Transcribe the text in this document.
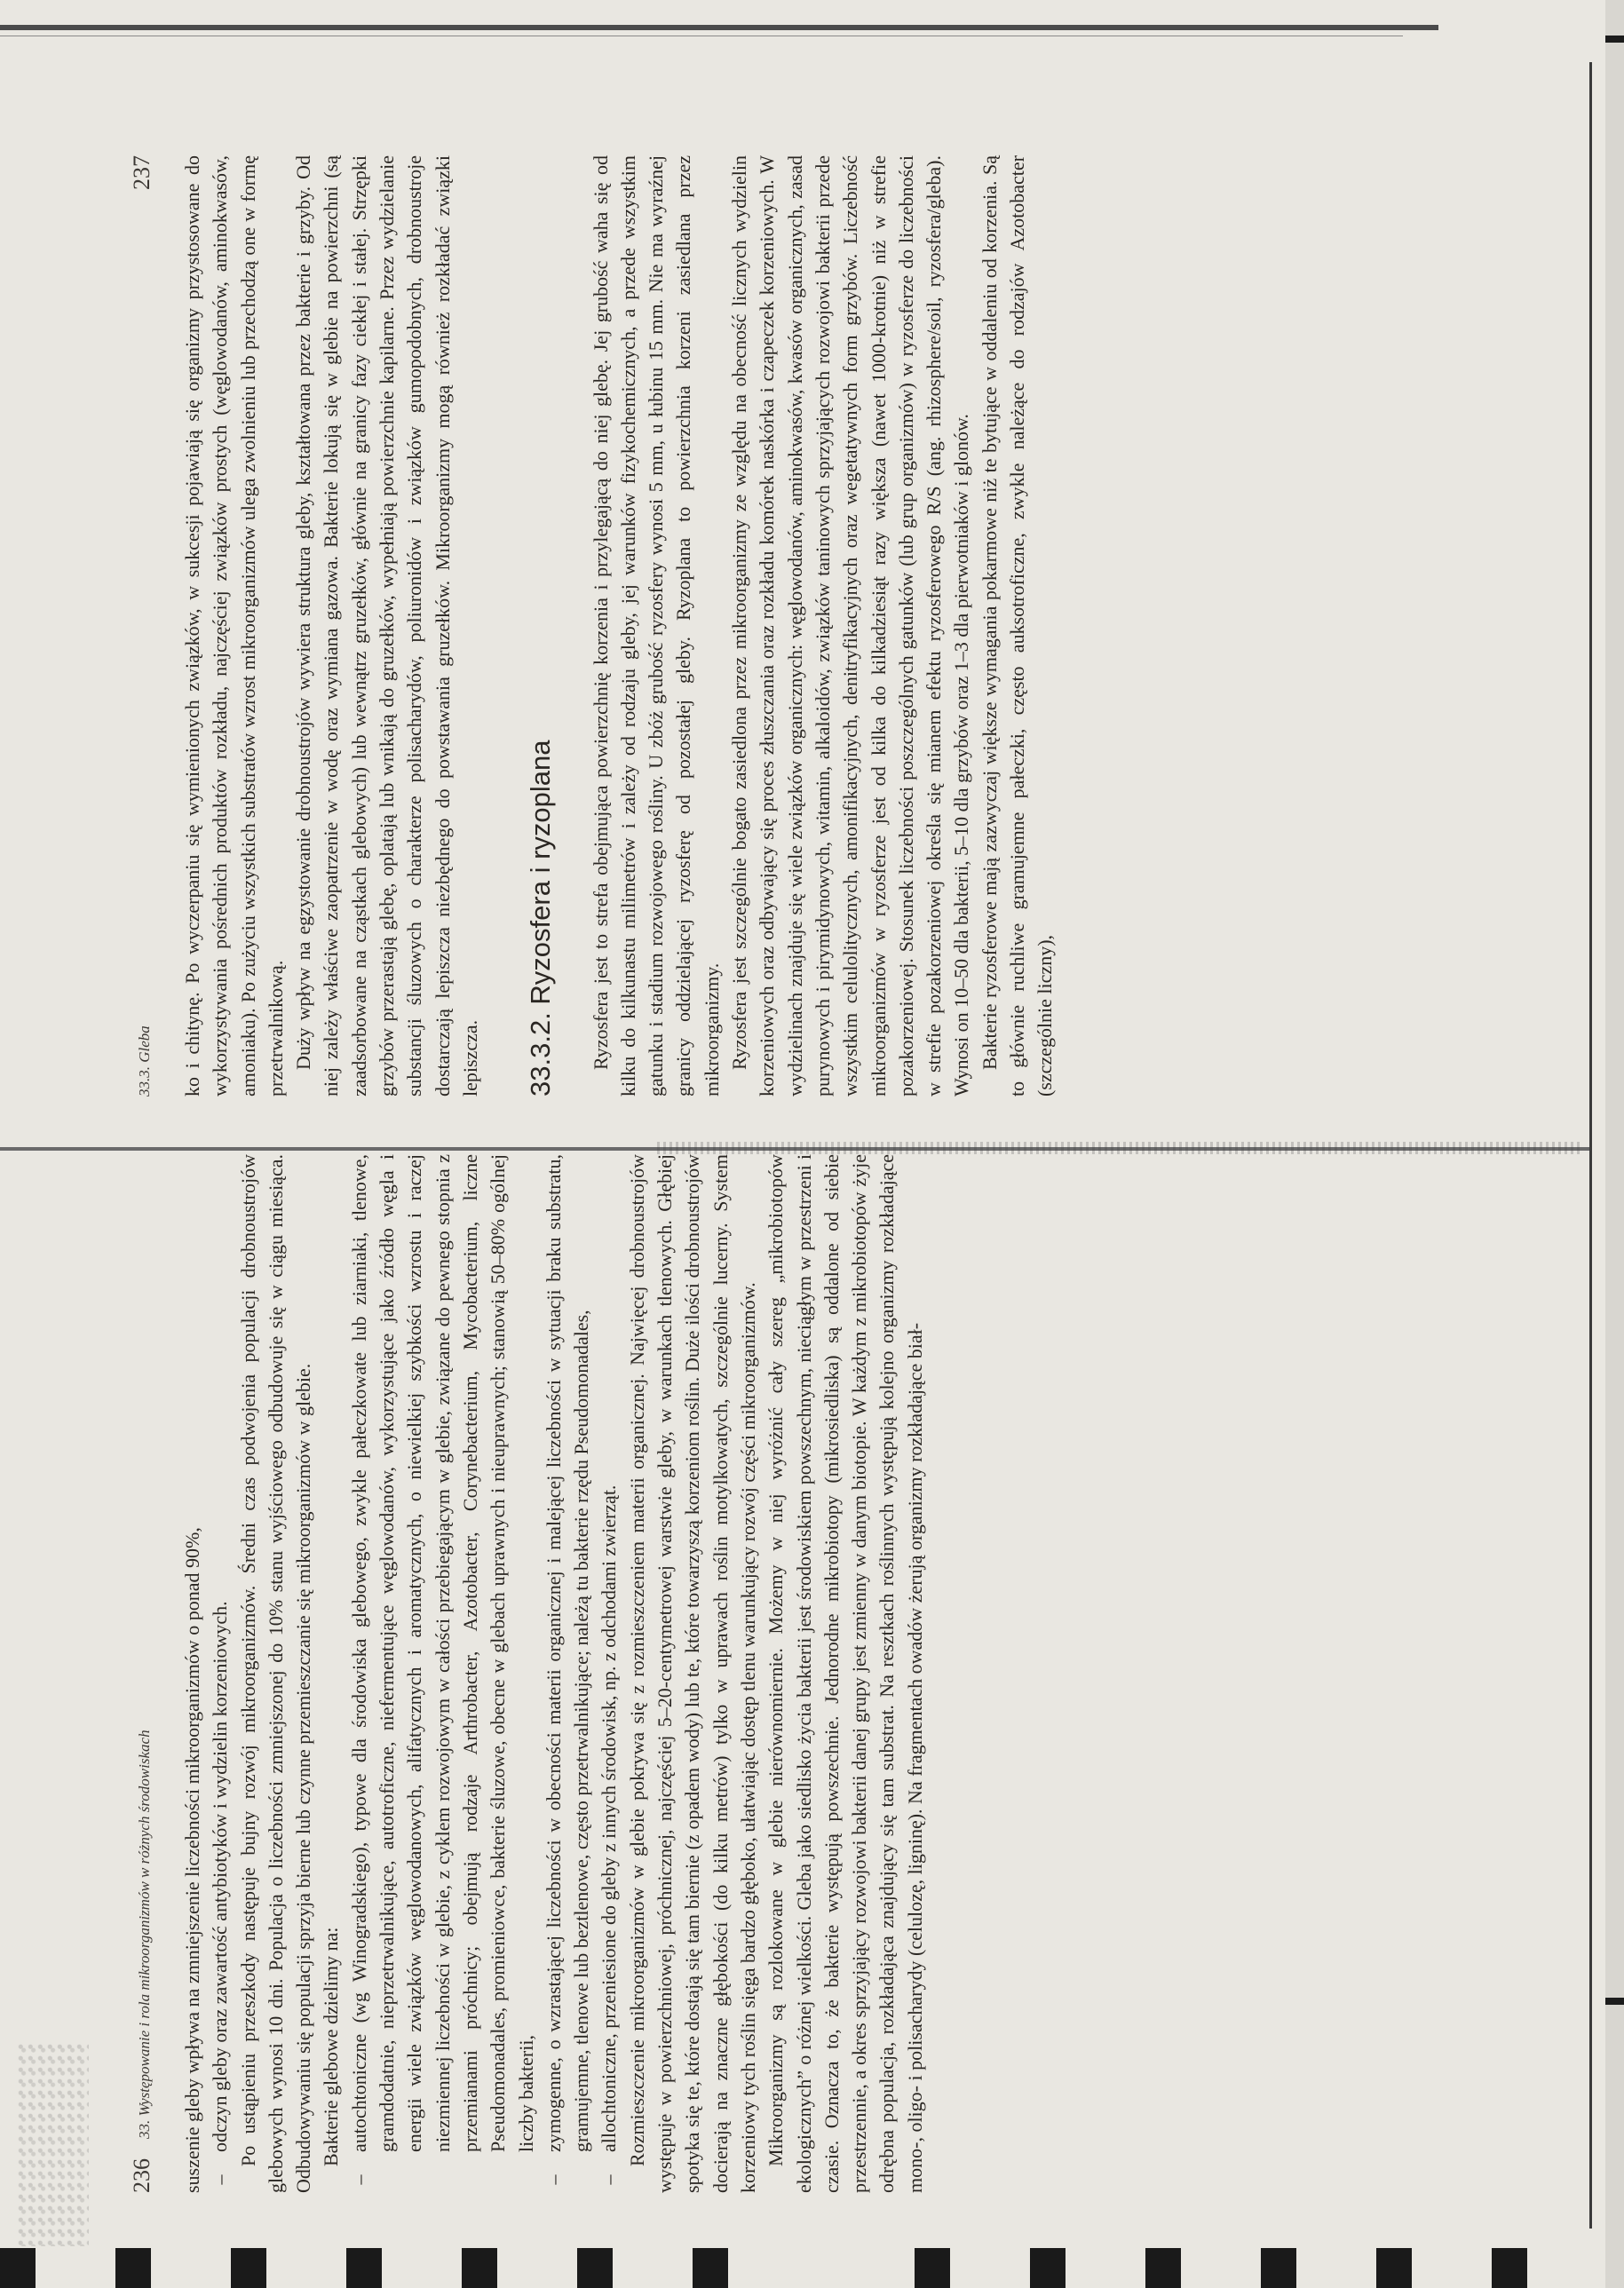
236
33. Występowanie i rola mikroorganizmów w różnych środowiskach suszenie gleby wpływa na zmniejszenie liczebności mikroorganizmów o ponad 90%, –
odczyn gleby oraz zawartość antybiotyków i wydzielin korzeniowych. Po ustąpieniu przeszkody następuje bujny rozwój mikroorganizmów. Średni czas podwojenia populacji drobnoustrojów glebowych wynosi 10 dni. Populacja o liczebności zmniejszonej do 10% stanu wyjściowego odbudowuje się w ciągu miesiąca. Odbudowywaniu się populacji sprzyja bierne lub czynne przemieszczanie się mikroorganizmów w glebie. Bakterie glebowe dzielimy na:

–
autochtoniczne (wg Winogradskiego), typowe dla środowiska glebowego, zwykle pałeczkowate lub ziarniaki, tlenowe, gramdodatnie, nieprzetrwalnikujące, autotroficzne, niefermentujące węglowodanów, wykorzystujące jako źródło węgla i energii wiele związków węglowodanowych, alifatycznych i aromatycznych, o niewielkiej szybkości wzrostu i raczej niezmiennej liczebności w glebie, z cyklem rozwojowym w całości przebiegającym w glebie, związane do pewnego stopnia z przemianami próchnicy; obejmują rodzaje Arthrobacter, Azotobacter, Corynebacterium, Mycobacterium, liczne Pseudomonadales, promieniowce, bakterie śluzowe, obecne w glebach uprawnych i nieuprawnych; stanowią 50–80% ogólnej liczby bakterii,
–
zymogenne, o wzrastającej liczebności w obecności materii organicznej i malejącej liczebności w sytuacji braku substratu, gramujemne, tlenowe lub beztlenowe, często przetrwalnikujące; należą tu bakterie rzędu Pseudomonadales,
–
allochtoniczne, przeniesione do gleby z innych środowisk, np. z odchodami zwierząt. Rozmieszczenie mikroorganizmów w glebie pokrywa się z rozmieszczeniem materii organicznej. Najwięcej drobnoustrojów występuje w powierzchniowej, próchnicznej, najczęściej 5–20-centymetrowej warstwie gleby, w warunkach tlenowych. Głębiej spotyka się te, które dostają się tam biernie (z opadem wody) lub te, które towarzyszą korzeniom roślin. Duże ilości drobnoustrojów docierają na znaczne głębokości (do kilku metrów) tylko w uprawach roślin motylkowatych, szczególnie lucerny. System korzeniowy tych roślin sięga bardzo głęboko, ułatwiając dostęp tlenu warunkujący rozwój części mikroorganizmów. Mikroorganizmy są rozlokowane w glebie nierównomiernie. Możemy w niej wyróżnić cały szereg „mikrobiotopów ekologicznych” o różnej wielkości. Gleba jako siedlisko życia bakterii jest środowiskiem powszechnym, nieciągłym w przestrzeni i czasie. Oznacza to, że bakterie występują powszechnie. Jednorodne mikrobiotopy (mikrosiedliska) są oddalone od siebie przestrzennie, a okres sprzyjający rozwojowi bakterii danej grupy jest zmienny w danym biotopie. W każdym z mikrobiotopów żyje odrębna populacja, rozkładająca znajdujący się tam substrat. Na resztkach roślinnych występują kolejno organizmy rozkładające mono-, oligo- i polisacharydy (celulozę, ligninę). Na fragmentach owadów żerują organizmy rozkładające biał-

33.3. Gleba
237 ko i chitynę. Po wyczerpaniu się wymienionych związków, w sukcesji pojawiają się organizmy przystosowane do wykorzystywania pośrednich produktów rozkładu, najczęściej związków prostych (węglowodanów, aminokwasów, amoniaku). Po zużyciu wszystkich substratów wzrost mikroorganizmów ulega zwolnieniu lub przechodzą one w formę przetrwalnikową. Duży wpływ na egzystowanie drobnoustrojów wywiera struktura gleby, kształtowana przez bakterie i grzyby. Od niej zależy właściwe zaopatrzenie w wodę oraz wymiana gazowa. Bakterie lokują się w glebie na powierzchni (są zaadsorbowane na cząstkach glebowych) lub wewnątrz gruzełków, głównie na granicy fazy ciekłej i stałej. Strzępki grzybów przerastają glebę, oplatają lub wnikają do gruzełków, wypełniają powierzchnie kapilarne. Przez wydzielanie substancji śluzowych o charakterze polisacharydów, poliuronidów i związków gumopodobnych, drobnoustroje dostarczają lepiszcza niezbędnego do powstawania gruzełków. Mikroorganizmy mogą również rozkładać związki lepiszcza. 33.3.2. Ryzosfera i ryzoplana Ryzosfera jest to strefa obejmująca powierzchnię korzenia i przylegającą do niej glebę. Jej grubość waha się od kilku do kilkunastu milimetrów i zależy od rodzaju gleby, jej warunków fizykochemicznych, a przede wszystkim gatunku i stadium rozwojowego rośliny. U zbóż grubość ryzosfery wynosi 5 mm, u łubinu 15 mm. Nie ma wyraźnej granicy oddzielającej ryzosferę od pozostałej gleby. Ryzoplana to powierzchnia korzeni zasiedlana przez mikroorganizmy. Ryzosfera jest szczególnie bogato zasiedlona przez mikroorganizmy ze względu na obecność licznych wydzielin korzeniowych oraz odbywający się proces złuszczania oraz rozkładu komórek naskórka i czapeczek korzeniowych. W wydzielinach znajduje się wiele związków organicznych: węglowodanów, aminokwasów, kwasów organicznych, zasad purynowych i pirymidynowych, witamin, alkaloidów, związków taninowych sprzyjających rozwojowi bakterii przede wszystkim celulolitycznych, amonifikacyjnych, denitryfikacyjnych oraz wegetatywnych form grzybów. Liczebność mikroorganizmów w ryzosferze jest od kilka do kilkadziesiąt razy większa (nawet 1000-krotnie) niż w strefie pozakorzeniowej. Stosunek liczebności poszczególnych gatunków (lub grup organizmów) w ryzosferze do liczebności w strefie pozakorzeniowej określa się mianem efektu ryzosferowego R/S (ang. rhizosphere/soil, ryzosfera/gleba). Wynosi on 10–50 dla bakterii, 5–10 dla grzybów oraz 1–3 dla pierwotniaków i glonów. Bakterie ryzosferowe mają zazwyczaj większe wymagania pokarmowe niż te bytujące w oddaleniu od korzenia. Są to głównie ruchliwe gramujemne pałeczki, często auksotroficzne, zwykle należące do rodzajów Azotobacter (szczególnie liczny),
